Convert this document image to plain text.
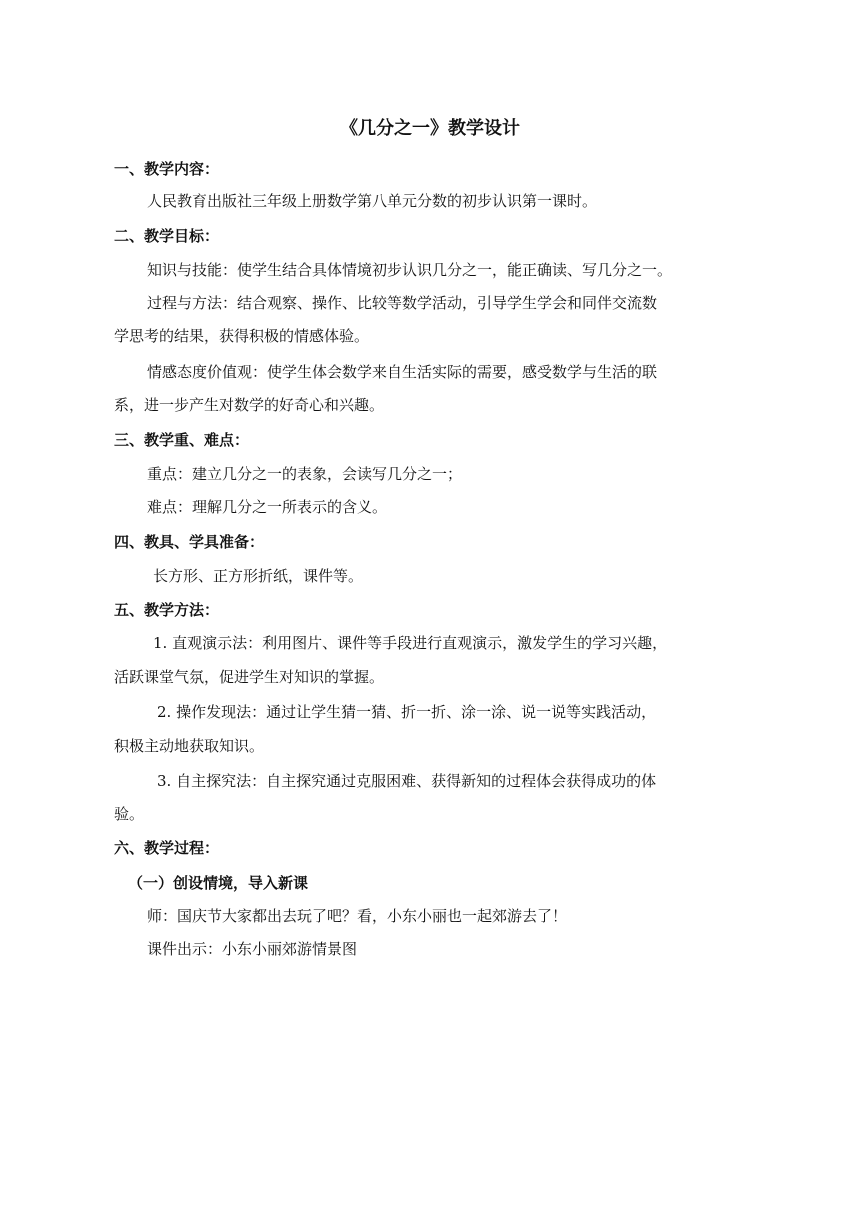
《几分之一》教学设计
一、教学内容：
人民教育出版社三年级上册数学第八单元分数的初步认识第一课时。
二、教学目标：
知识与技能：使学生结合具体情境初步认识几分之一，能正确读、写几分之一。
过程与方法：结合观察、操作、比较等数学活动，引导学生学会和同伴交流数
学思考的结果，获得积极的情感体验。
情感态度价值观：使学生体会数学来自生活实际的需要，感受数学与生活的联
系，进一步产生对数学的好奇心和兴趣。
三、教学重、难点：
重点：建立几分之一的表象，会读写几分之一；
难点：理解几分之一所表示的含义。
四、教具、学具准备：
长方形、正方形折纸，课件等。
五、教学方法：
1. 直观演示法：利用图片、课件等手段进行直观演示，激发学生的学习兴趣，
活跃课堂气氛，促进学生对知识的掌握。
2. 操作发现法：通过让学生猜一猜、折一折、涂一涂、说一说等实践活动，
积极主动地获取知识。
3. 自主探究法：自主探究通过克服困难、获得新知的过程体会获得成功的体
验。
六、教学过程：
（一）创设情境，导入新课
师：国庆节大家都出去玩了吧？看，小东小丽也一起郊游去了！
课件出示：小东小丽郊游情景图
